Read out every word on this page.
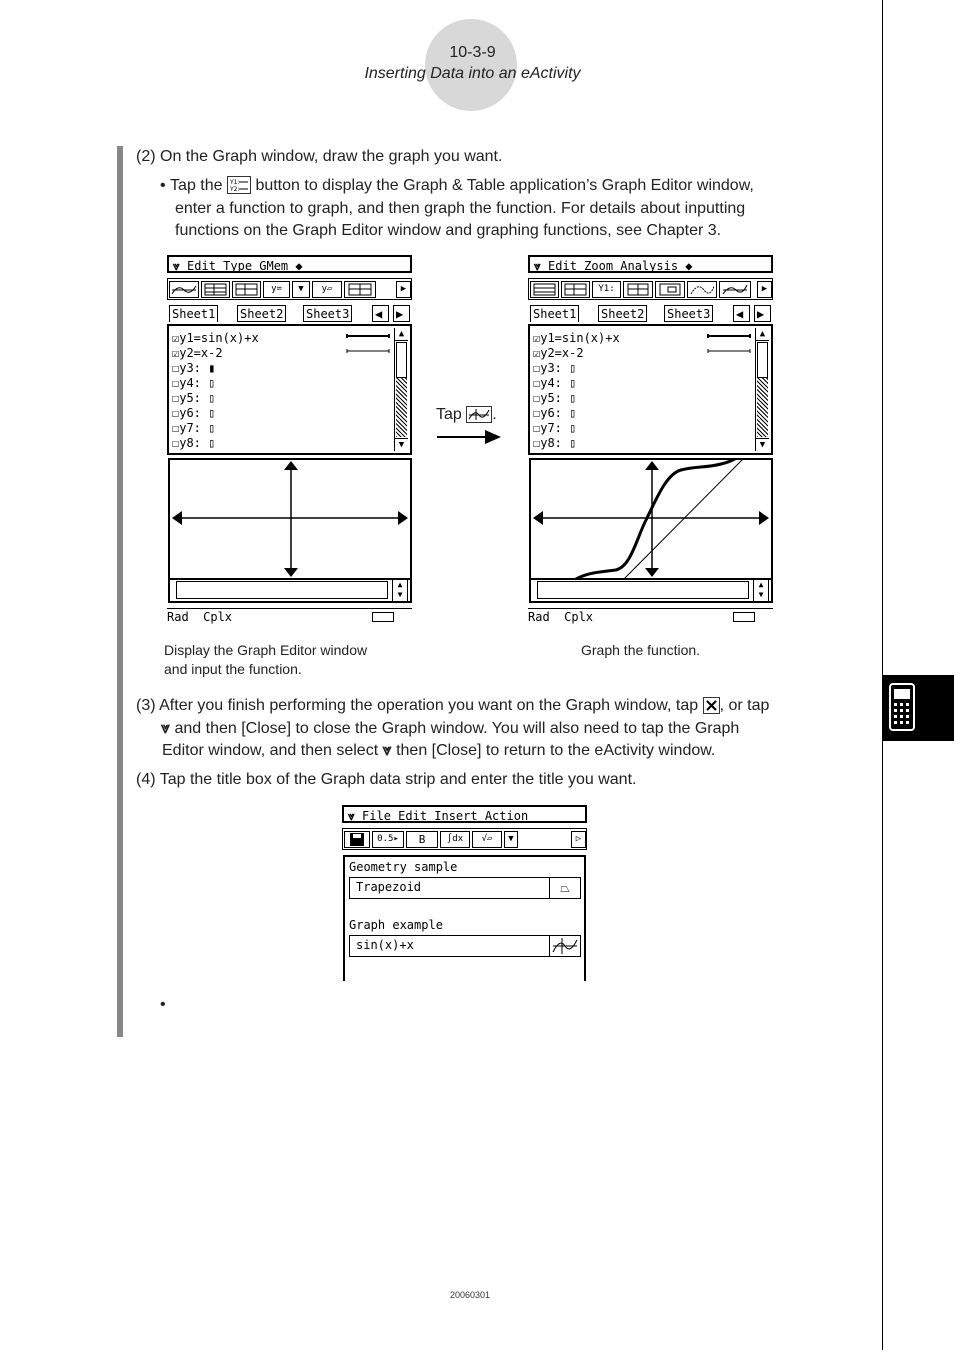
10-3-9
Inserting Data into an eActivity
(2) On the Graph window, draw the graph you want.
• Tap the Y1:
Y2: button to display the Graph & Table application’s Graph Editor window,
enter a function to graph, and then graph the function. For details about inputting
functions on the Graph Editor window and graphing functions, see Chapter 3.
⩔ Edit Type GMem ◆
y=	▼	y▱	▶
Sheet1 Sheet2 Sheet3 ◀	▶
☑y1=sin(x)+x
☑y2=x-2
☐y3: ▮
☐y4: ▯
☐y5: ▯
☐y6: ▯
☐y7: ▯
☐y8: ▯
▲
▼
▲
▼
Rad  Cplx
Display the Graph Editor window
and input the function.
Tap .
⩔ Edit Zoom Analysis ◆
Y1:	▶
Sheet1 Sheet2 Sheet3 ◀	▶
☑y1=sin(x)+x
☑y2=x-2
☐y3: ▯
☐y4: ▯
☐y5: ▯
☐y6: ▯
☐y7: ▯
☐y8: ▯
▲
▼
▲
▼
Rad  Cplx
Graph the function.
(3) After you finish performing the operation you want on the Graph window, tap , or tap
⩔ and then [Close] to close the Graph window. You will also need to tap the Graph
Editor window, and then select ⩔ then [Close] to return to the eActivity window.
(4) Tap the title box of the Graph data strip and enter the title you want.
⩔ File Edit Insert Action
0.5▸	B	∫dx	√▱	▼	▷
Geometry sample
Trapezoid	⏢
Graph example
sin(x)+x
•
20060301
